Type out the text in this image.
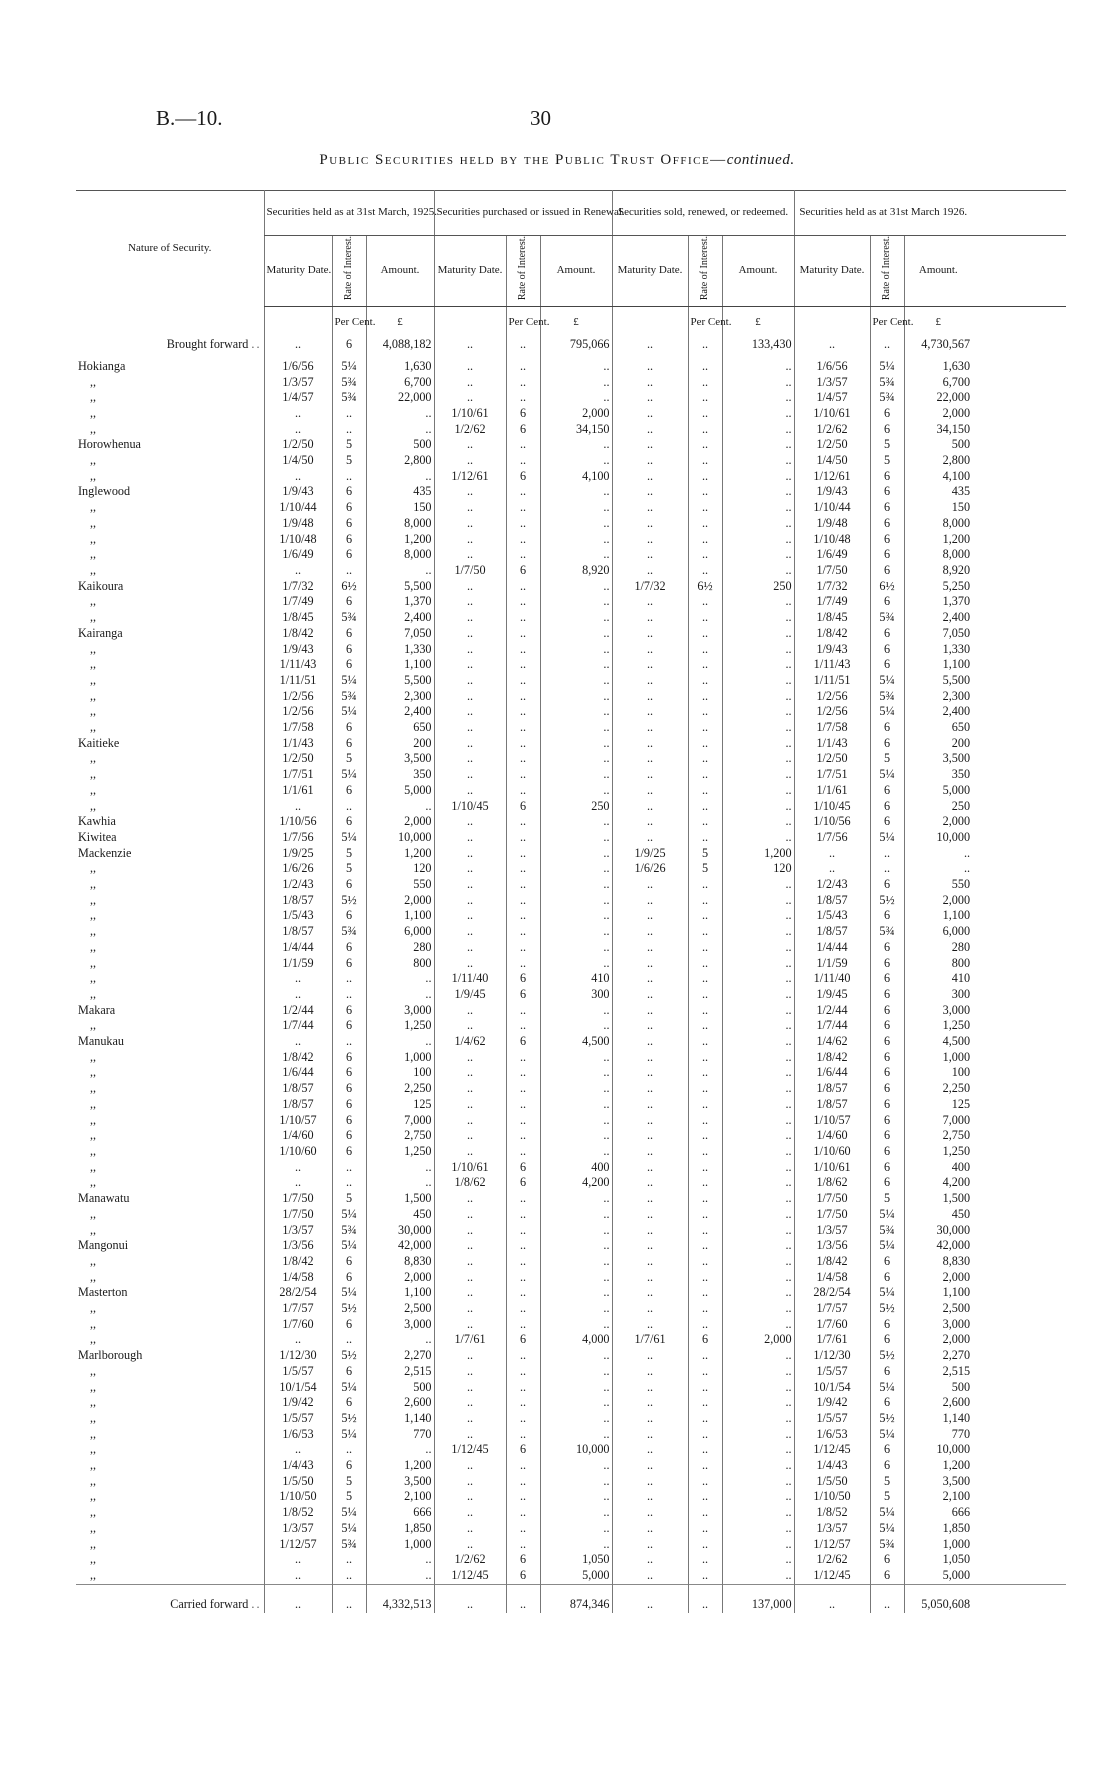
B.—10.	30
Public Securities held by the Public Trust Office—continued.
Nature of Security.	Securities held as at 31st March, 1925.			Securities purchased or issued in Renewal.			Securities sold, renewed, or redeemed.			Securities held as at 31st March 1926.			
	Maturity Date.	Rate of Interest.	Amount.	Maturity Date.	Rate of Interest.	Amount.	Maturity Date.	Rate of Interest.	Amount.	Maturity Date.	Rate of Interest.	Amount.	
		Per Cent.	£		Per Cent.	£		Per Cent.	£		Per Cent.	£	
Brought forward ..	..	6	4,088,182	..	..	795,066	..	..	133,430	..	..	4,730,567	
Hokianga	1/6/56	5¼	1,630	..	..	..	..	..	..	1/6/56	5¼	1,630	
,,	1/3/57	5¾	6,700	..	..	..	..	..	..	1/3/57	5¾	6,700	
,,	1/4/57	5¾	22,000	..	..	..	..	..	..	1/4/57	5¾	22,000	
,,	..	..	..	1/10/61	6	2,000	..	..	..	1/10/61	6	2,000	
,,	..	..	..	1/2/62	6	34,150	..	..	..	1/2/62	6	34,150	
Horowhenua	1/2/50	5	500	..	..	..	..	..	..	1/2/50	5	500	
,,	1/4/50	5	2,800	..	..	..	..	..	..	1/4/50	5	2,800	
,,	..	..	..	1/12/61	6	4,100	..	..	..	1/12/61	6	4,100	
Inglewood	1/9/43	6	435	..	..	..	..	..	..	1/9/43	6	435	
,,	1/10/44	6	150	..	..	..	..	..	..	1/10/44	6	150	
,,	1/9/48	6	8,000	..	..	..	..	..	..	1/9/48	6	8,000	
,,	1/10/48	6	1,200	..	..	..	..	..	..	1/10/48	6	1,200	
,,	1/6/49	6	8,000	..	..	..	..	..	..	1/6/49	6	8,000	
,,	..	..	..	1/7/50	6	8,920	..	..	..	1/7/50	6	8,920	
Kaikoura	1/7/32	6½	5,500	..	..	..	1/7/32	6½	250	1/7/32	6½	5,250	
,,	1/7/49	6	1,370	..	..	..	..	..	..	1/7/49	6	1,370	
,,	1/8/45	5¾	2,400	..	..	..	..	..	..	1/8/45	5¾	2,400	
Kairanga	1/8/42	6	7,050	..	..	..	..	..	..	1/8/42	6	7,050	
,,	1/9/43	6	1,330	..	..	..	..	..	..	1/9/43	6	1,330	
,,	1/11/43	6	1,100	..	..	..	..	..	..	1/11/43	6	1,100	
,,	1/11/51	5¼	5,500	..	..	..	..	..	..	1/11/51	5¼	5,500	
,,	1/2/56	5¾	2,300	..	..	..	..	..	..	1/2/56	5¾	2,300	
,,	1/2/56	5¼	2,400	..	..	..	..	..	..	1/2/56	5¼	2,400	
,,	1/7/58	6	650	..	..	..	..	..	..	1/7/58	6	650	
Kaitieke	1/1/43	6	200	..	..	..	..	..	..	1/1/43	6	200	
,,	1/2/50	5	3,500	..	..	..	..	..	..	1/2/50	5	3,500	
,,	1/7/51	5¼	350	..	..	..	..	..	..	1/7/51	5¼	350	
,,	1/1/61	6	5,000	..	..	..	..	..	..	1/1/61	6	5,000	
,,	..	..	..	1/10/45	6	250	..	..	..	1/10/45	6	250	
Kawhia	1/10/56	6	2,000	..	..	..	..	..	..	1/10/56	6	2,000	
Kiwitea	1/7/56	5¼	10,000	..	..	..	..	..	..	1/7/56	5¼	10,000	
Mackenzie	1/9/25	5	1,200	..	..	..	1/9/25	5	1,200	..	..	..	
,,	1/6/26	5	120	..	..	..	1/6/26	5	120	..	..	..	
,,	1/2/43	6	550	..	..	..	..	..	..	1/2/43	6	550	
,,	1/8/57	5½	2,000	..	..	..	..	..	..	1/8/57	5½	2,000	
,,	1/5/43	6	1,100	..	..	..	..	..	..	1/5/43	6	1,100	
,,	1/8/57	5¾	6,000	..	..	..	..	..	..	1/8/57	5¾	6,000	
,,	1/4/44	6	280	..	..	..	..	..	..	1/4/44	6	280	
,,	1/1/59	6	800	..	..	..	..	..	..	1/1/59	6	800	
,,	..	..	..	1/11/40	6	410	..	..	..	1/11/40	6	410	
,,	..	..	..	1/9/45	6	300	..	..	..	1/9/45	6	300	
Makara	1/2/44	6	3,000	..	..	..	..	..	..	1/2/44	6	3,000	
,,	1/7/44	6	1,250	..	..	..	..	..	..	1/7/44	6	1,250	
Manukau	..	..	..	1/4/62	6	4,500	..	..	..	1/4/62	6	4,500	
,,	1/8/42	6	1,000	..	..	..	..	..	..	1/8/42	6	1,000	
,,	1/6/44	6	100	..	..	..	..	..	..	1/6/44	6	100	
,,	1/8/57	6	2,250	..	..	..	..	..	..	1/8/57	6	2,250	
,,	1/8/57	6	125	..	..	..	..	..	..	1/8/57	6	125	
,,	1/10/57	6	7,000	..	..	..	..	..	..	1/10/57	6	7,000	
,,	1/4/60	6	2,750	..	..	..	..	..	..	1/4/60	6	2,750	
,,	1/10/60	6	1,250	..	..	..	..	..	..	1/10/60	6	1,250	
,,	..	..	..	1/10/61	6	400	..	..	..	1/10/61	6	400	
,,	..	..	..	1/8/62	6	4,200	..	..	..	1/8/62	6	4,200	
Manawatu	1/7/50	5	1,500	..	..	..	..	..	..	1/7/50	5	1,500	
,,	1/7/50	5¼	450	..	..	..	..	..	..	1/7/50	5¼	450	
,,	1/3/57	5¾	30,000	..	..	..	..	..	..	1/3/57	5¾	30,000	
Mangonui	1/3/56	5¼	42,000	..	..	..	..	..	..	1/3/56	5¼	42,000	
,,	1/8/42	6	8,830	..	..	..	..	..	..	1/8/42	6	8,830	
,,	1/4/58	6	2,000	..	..	..	..	..	..	1/4/58	6	2,000	
Masterton	28/2/54	5¼	1,100	..	..	..	..	..	..	28/2/54	5¼	1,100	
,,	1/7/57	5½	2,500	..	..	..	..	..	..	1/7/57	5½	2,500	
,,	1/7/60	6	3,000	..	..	..	..	..	..	1/7/60	6	3,000	
,,	..	..	..	1/7/61	6	4,000	1/7/61	6	2,000	1/7/61	6	2,000	
Marlborough	1/12/30	5½	2,270	..	..	..	..	..	..	1/12/30	5½	2,270	
,,	1/5/57	6	2,515	..	..	..	..	..	..	1/5/57	6	2,515	
,,	10/1/54	5¼	500	..	..	..	..	..	..	10/1/54	5¼	500	
,,	1/9/42	6	2,600	..	..	..	..	..	..	1/9/42	6	2,600	
,,	1/5/57	5½	1,140	..	..	..	..	..	..	1/5/57	5½	1,140	
,,	1/6/53	5¼	770	..	..	..	..	..	..	1/6/53	5¼	770	
,,	..	..	..	1/12/45	6	10,000	..	..	..	1/12/45	6	10,000	
,,	1/4/43	6	1,200	..	..	..	..	..	..	1/4/43	6	1,200	
,,	1/5/50	5	3,500	..	..	..	..	..	..	1/5/50	5	3,500	
,,	1/10/50	5	2,100	..	..	..	..	..	..	1/10/50	5	2,100	
,,	1/8/52	5¼	666	..	..	..	..	..	..	1/8/52	5¼	666	
,,	1/3/57	5¼	1,850	..	..	..	..	..	..	1/3/57	5¼	1,850	
,,	1/12/57	5¾	1,000	..	..	..	..	..	..	1/12/57	5¾	1,000	
,,	..	..	..	1/2/62	6	1,050	..	..	..	1/2/62	6	1,050	
,,	..	..	..	1/12/45	6	5,000	..	..	..	1/12/45	6	5,000	
Carried forward ..	..	..	4,332,513	..	..	874,346	..	..	137,000	..	..	5,050,608	
